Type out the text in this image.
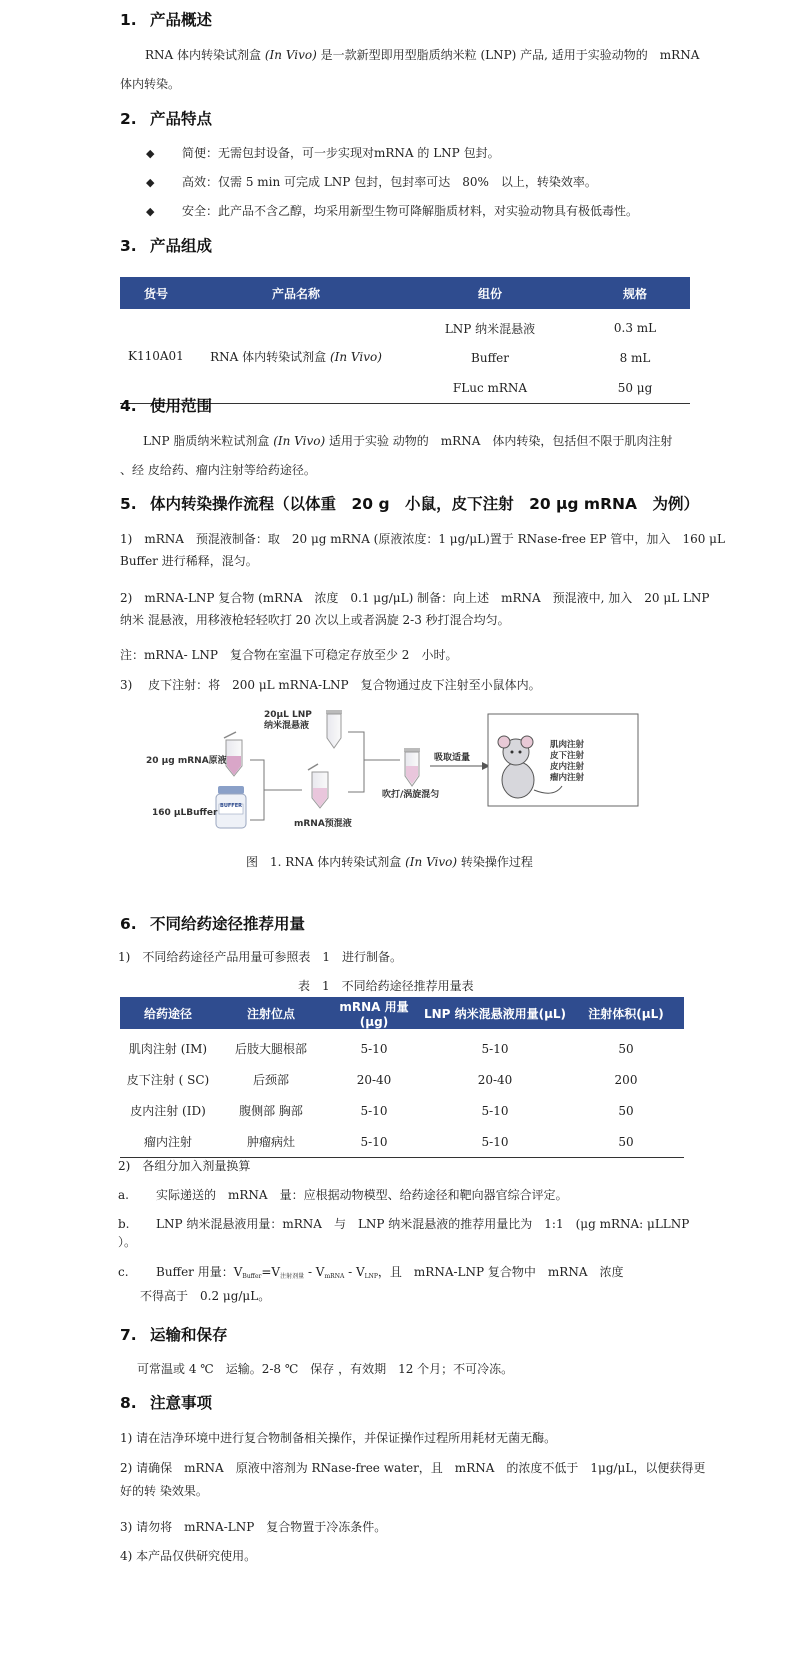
1. 产品概述
RNA 体内转染试剂盒 (In Vivo) 是一款新型即用型脂质纳米粒 (LNP) 产品, 适用于实验动物的　mRNA
体内转染。
2. 产品特点
◆ 简便：无需包封设备，可一步实现对mRNA 的 LNP 包封。
◆ 高效：仅需 5 min 可完成 LNP 包封，包封率可达　80%　以上，转染效率。
◆ 安全：此产品不含乙醇，均采用新型生物可降解脂质材料，对实验动物具有极低毒性。
3. 产品组成
货号	产品名称	组份	规格
K110A01	RNA 体内转染试剂盒 (In Vivo)	LNP 纳米混悬液	0.3 mL
		Buffer	8 mL
		FLuc mRNA	50 μg
4. 使用范围
LNP 脂质纳米粒试剂盒 (In Vivo) 适用于实验 动物的　mRNA　体内转染，包括但不限于肌肉注射
、经 皮给药、瘤内注射等给药途径。
5. 体内转染操作流程（以体重　20 g　小鼠，皮下注射　20 μg mRNA　为例）
1)　mRNA　预混液制备：取　20 μg mRNA (原液浓度：1 μg/μL)置于 RNase-free EP 管中，加入　160 μL
Buffer 进行稀释，混匀。
2)　mRNA-LNP 复合物 (mRNA　浓度　0.1 μg/μL) 制备：向上述　mRNA　预混液中, 加入　20 μL LNP
纳米 混悬液，用移液枪轻轻吹打 20 次以上或者涡旋 2-3 秒打混合均匀。
注：mRNA- LNP　复合物在室温下可稳定存放至少 2　小时。
3)　 皮下注射：将　200 μL mRNA-LNP　复合物通过皮下注射至小鼠体内。
20μL LNP
纳米混悬液
20 μg mRNA原液
160 μLBuffer
mRNA预混液
吸取适量
吹打/涡旋混匀
BUFFER
肌肉注射
皮下注射
皮内注射
瘤内注射
图　1. RNA 体内转染试剂盒 (In Vivo) 转染操作过程
6. 不同给药途径推荐用量
1)　不同给药途径产品用量可参照表　1　进行制备。
表　1　不同给药途径推荐用量表
给药途径	注射位点	mRNA 用量(μg)	LNP 纳米混悬液用量(μL)	注射体积(μL)
肌肉注射 (IM)	后肢大腿根部	5-10	5-10	50
皮下注射 ( SC)	后颈部	20-40	20-40	200
皮内注射 (ID)	腹侧部 胸部	5-10	5-10	50
瘤内注射	肿瘤病灶	5-10	5-10	50
2)　各组分加入剂量换算
a. 实际递送的　mRNA　量：应根据动物模型、给药途径和靶向器官综合评定。
b. LNP 纳米混悬液用量：mRNA　与　LNP 纳米混悬液的推荐用量比为　1:1　(μg mRNA: μLLNP
）。
c. Buffer 用量：$V_{Buffer}=V_{注射剂量} - V_{mRNA} - V_{LNP}$，且　mRNA-LNP 复合物中　mRNA　浓度
不得高于　0.2 μg/μL。
7. 运输和保存
可常温或 4 ℃　运输。2-8 ℃　保存 ，有效期　12 个月；不可冷冻。
8. 注意事项
1) 请在洁净环境中进行复合物制备相关操作，并保证操作过程所用耗材无菌无酶。
2) 请确保　mRNA　原液中溶剂为 RNase-free water，且　mRNA　的浓度不低于　1μg/μL，以便获得更
好的转 染效果。
3) 请勿将　mRNA-LNP　复合物置于冷冻条件。
4) 本产品仅供研究使用。
